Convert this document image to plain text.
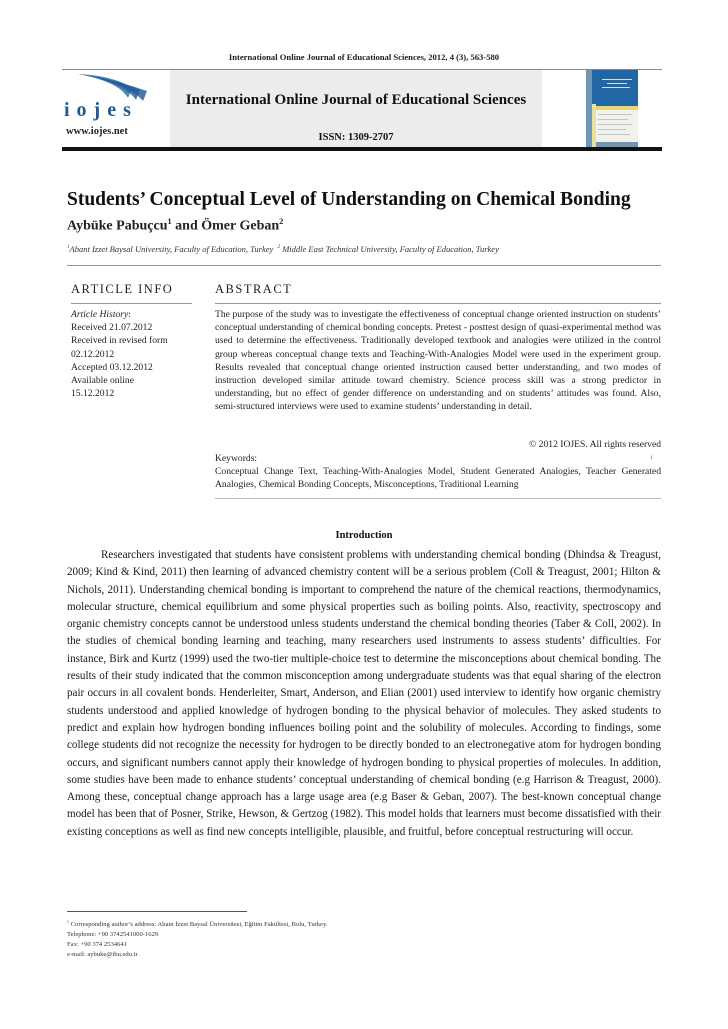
International Online Journal of Educational Sciences, 2012, 4 (3), 563-580
iojes
www.iojes.net
International Online Journal of Educational Sciences
ISSN: 1309-2707
Students’ Conceptual Level of Understanding on Chemical Bonding
Aybüke Pabuçcu$^1$ and Ömer Geban$^2$
$^1$Abant Izzet Baysal University, Faculty of Education, Turkey $^2$ Middle East Technical University, Faculty of Education, Turkey
ARTICLE INFO	ABSTRACT
Article History:
Received 21.07.2012
Received in revised form
02.12.2012
Accepted 03.12.2012
Available online
15.12.2012
The purpose of the study was to investigate the effectiveness of conceptual change oriented instruction on students’ conceptual understanding of chemical bonding concepts. Pretest - posttest design of quasi-experimental method was used to determine the effectiveness. Traditionally developed textbook and analogies were utilized in the control group whereas conceptual change texts and Teaching-With-Analogies Model were used in the experiment group. Results revealed that conceptual change oriented instruction caused better understanding, and two modes of instruction developed similar attitude toward chemistry. Science process skill was a strong predictor in understanding, but no effect of gender difference on understanding and on students’ attitudes was found. Also, semi-structured interviews were used to examine students’ understanding in detail.
© 2012 IOJES. All rights reserved
Keywords:	1
Conceptual Change Text, Teaching-With-Analogies Model, Student Generated Analogies, Teacher Generated Analogies, Chemical Bonding Concepts, Misconceptions, Traditional Learning
Introduction
Researchers investigated that students have consistent problems with understanding chemical bonding (Dhindsa & Treagust, 2009; Kind & Kind, 2011) then learning of advanced chemistry content will be a serious problem (Coll & Treagust, 2001; Hilton & Nichols, 2011). Understanding chemical bonding is important to comprehend the nature of the chemical reactions, thermodynamics, molecular structure, chemical equilibrium and some physical properties such as boiling points. Also, reactivity, spectroscopy and organic chemistry concepts cannot be understood unless students understand the chemical bonding theories (Taber & Coll, 2002). In the studies of chemical bonding learning and teaching, many researchers used instruments to assess students’ difficulties. For instance, Birk and Kurtz (1999) used the two-tier multiple-choice test to determine the misconceptions about chemical bonding. The results of their study indicated that the common misconception among undergraduate students was that equal sharing of the electron pair occurs in all covalent bonds. Henderleiter, Smart, Anderson, and Elian (2001) used interview to identify how organic chemistry students understood and applied knowledge of hydrogen bonding to the physical behavior of molecules. They asked students to predict and explain how hydrogen bonding influences boiling point and the solubility of molecules. According to findings, some college students did not recognize the necessity for hydrogen to be directly bonded to an electronegative atom for hydrogen bonding occurs, and significant numbers cannot apply their knowledge of hydrogen bonding to physical properties of molecules. In addition, some studies have been made to enhance students’ conceptual understanding of chemical bonding (e.g Harrison & Treagust, 2000). Among these, conceptual change approach has a large usage area (e.g Baser & Geban, 2007). The best-known conceptual change model has been that of Posner, Strike, Hewson, & Gertzog (1982). This model holds that learners must become dissatisfied with their existing conceptions as well as find new concepts intelligible, plausible, and fruitful, before conceptual restructuring will occur.
$^1$ Corresponding author’s address: Abant İzzet Baysal Üniversitesi, Eğitim Fakültesi, Bolu, Turkey.
Telephone: +90 3742541000-1629
Fax: +90 374 2534641
e-mail: aybuke@ibu.edu.tr
